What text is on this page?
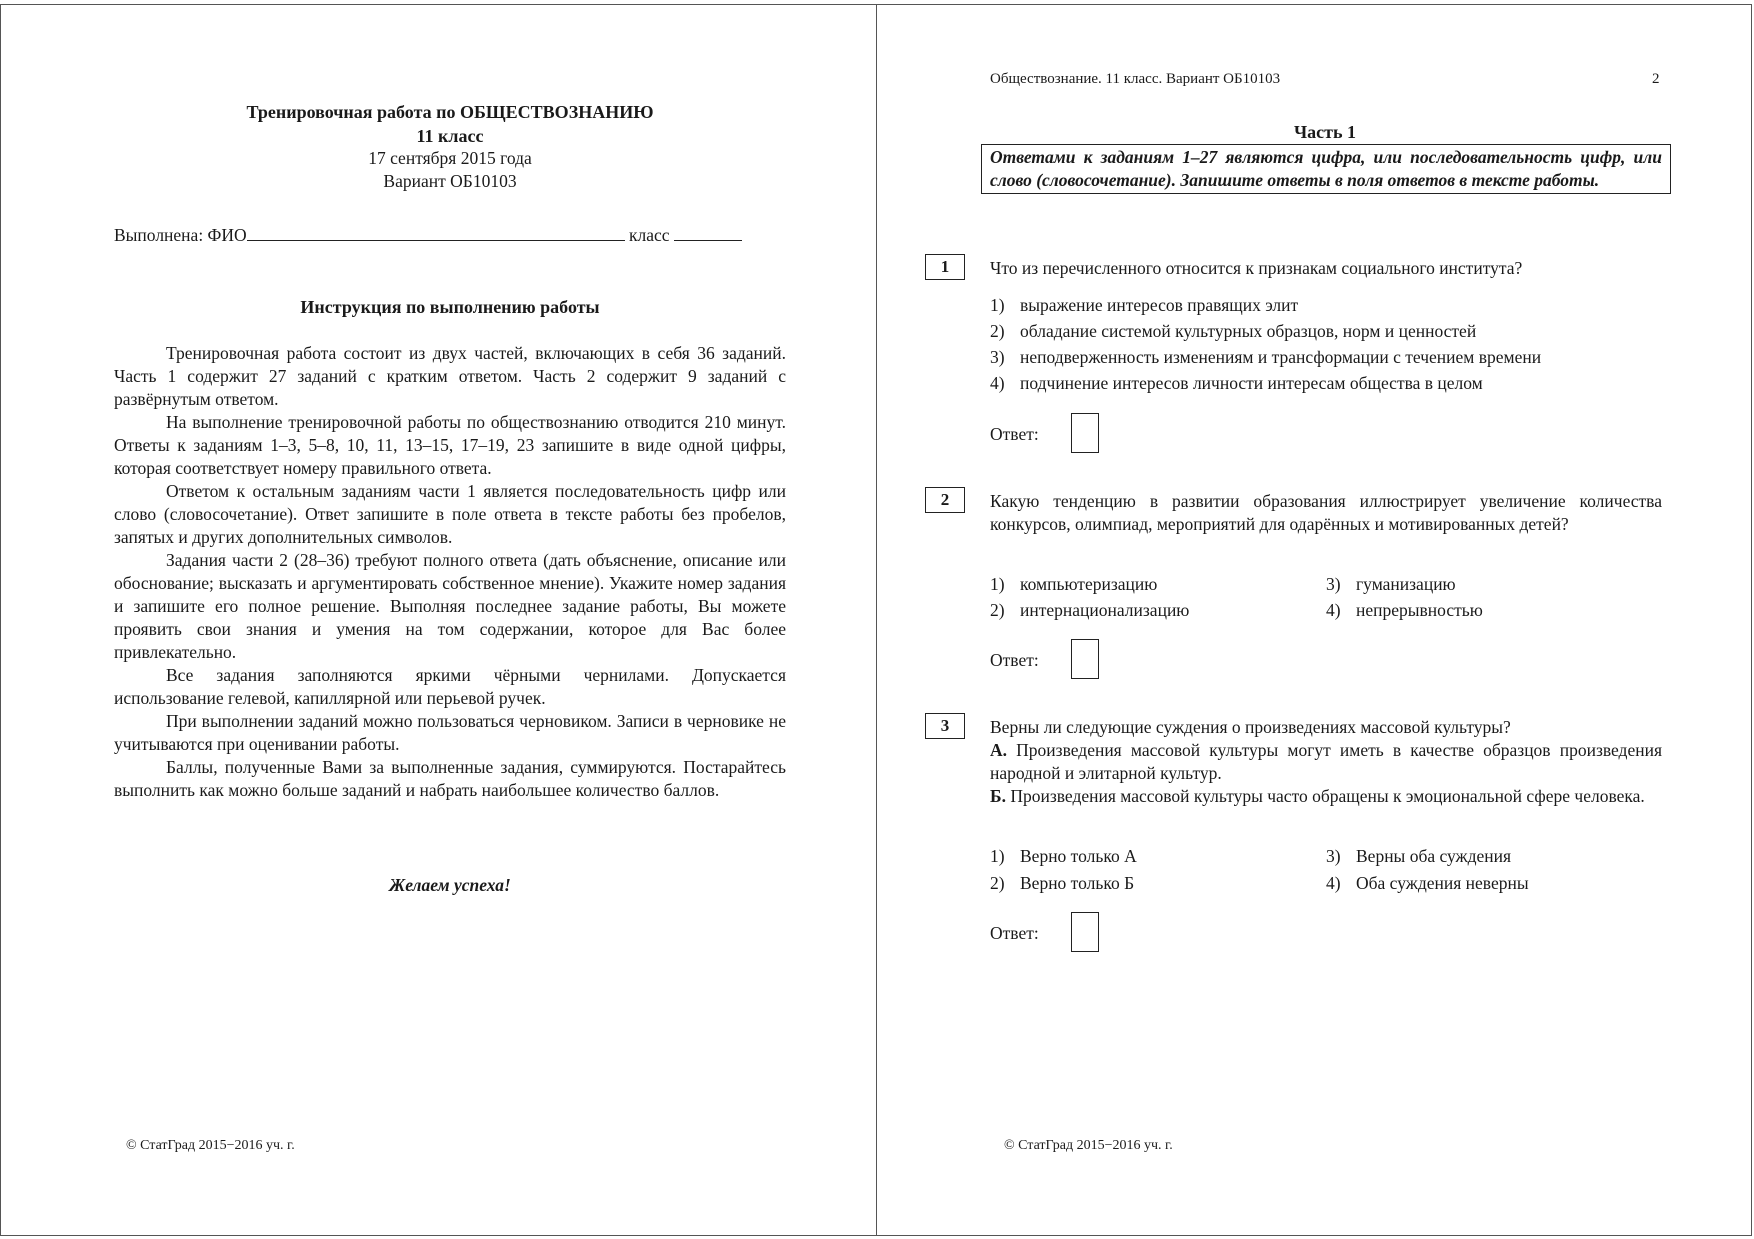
Тренировочная работа по ОБЩЕСТВОЗНАНИЮ
11 класс
17 сентября 2015 года
Вариант ОБ10103
Выполнена: ФИО	класс
Инструкция по выполнению работы

Тренировочная работа состоит из двух частей, включающих в себя 36 заданий. Часть 1 содержит 27 заданий с кратким ответом. Часть 2 содержит 9 заданий с развёрнутым ответом.

На выполнение тренировочной работы по обществознанию отводится 210 минут. Ответы к заданиям 1–3, 5–8, 10, 11, 13–15, 17–19, 23 запишите в виде одной цифры, которая соответствует номеру правильного ответа.

Ответом к остальным заданиям части 1 является последовательность цифр или слово (словосочетание). Ответ запишите в поле ответа в тексте работы без пробелов, запятых и других дополнительных символов.

Задания части 2 (28–36) требуют полного ответа (дать объяснение, описание или обоснование; высказать и аргументировать собственное мнение). Укажите номер задания и запишите его полное решение. Выполняя последнее задание работы, Вы можете проявить свои знания и умения на том содержании, которое для Вас более привлекательно.

Все задания заполняются яркими чёрными чернилами. Допускается использование гелевой, капиллярной или перьевой ручек.

При выполнении заданий можно пользоваться черновиком. Записи в черновике не учитываются при оценивании работы.

Баллы, полученные Вами за выполненные задания, суммируются. Постарайтесь выполнить как можно больше заданий и набрать наибольшее количество баллов.

Желаем успеха!
© СтатГрад 2015−2016 уч. г.
Обществознание. 11 класс. Вариант ОБ10103	2
Часть 1
Ответами к заданиям 1–27 являются цифра, или последовательность цифр, или слово (словосочетание). Запишите ответы в поля ответов в тексте работы.
1	Что из перечисленного относится к признакам социального института?
1) выражение интересов правящих элит
2) обладание системой культурных образцов, норм и ценностей
3) неподверженность изменениям и трансформации с течением времени
4) подчинение интересов личности интересам общества в целом
Ответ:
2	Какую тенденцию в развитии образования иллюстрирует увеличение количества конкурсов, олимпиад, мероприятий для одарённых и мотивированных детей?
1) компьютеризацию
2) интернационализацию
3) гуманизацию
4) непрерывностью
Ответ:
3	Верны ли следующие суждения о произведениях массовой культуры?
А. Произведения массовой культуры могут иметь в качестве образцов произведения народной и элитарной культур.
Б. Произведения массовой культуры часто обращены к эмоциональной сфере человека.
1) Верно только А
2) Верно только Б
3) Верны оба суждения
4) Оба суждения неверны
Ответ:
© СтатГрад 2015−2016 уч. г.
